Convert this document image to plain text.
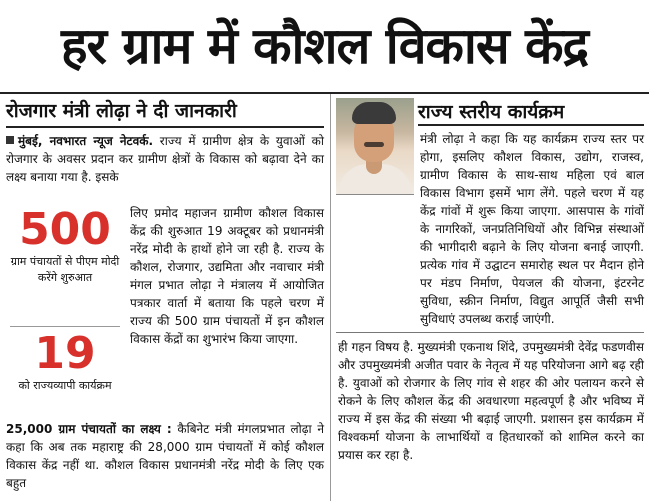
हर ग्राम में कौशल विकास केंद्र
रोजगार मंत्री लोढ़ा ने दी जानकारी
मुंबई, नवभारत न्यूज नेटवर्क. राज्य में ग्रामीण क्षेत्र के युवाओं को रोजगार के अवसर प्रदान कर ग्रामीण क्षेत्रों के विकास को बढ़ावा देने का लक्ष्य बनाया गया है. इसके
500
ग्राम पंचायतों से पीएम मोदी करेंगे शुरुआत
19
को राज्यव्यापी कार्यक्रम
लिए प्रमोद महाजन ग्रामीण कौशल विकास केंद्र की शुरुआत 19 अक्टूबर को प्रधानमंत्री नरेंद्र मोदी के हाथों होने जा रही है. राज्य के कौशल, रोजगार, उद्यमिता और नवाचार मंत्री मंगल प्रभात लोढ़ा ने मंत्रालय में आयोजित पत्रकार वार्ता में बताया कि पहले चरण में राज्य की 500 ग्राम पंचायतों में इन कौशल विकास केंद्रों का शुभारंभ किया जाएगा.
25,000 ग्राम पंचायतों का लक्ष्य : कैबिनेट मंत्री मंगलप्रभात लोढ़ा ने कहा कि अब तक महाराष्ट्र की 28,000 ग्राम पंचायतों में कोई कौशल विकास केंद्र नहीं था. कौशल विकास प्रधानमंत्री नरेंद्र मोदी के लिए एक बहुत
राज्य स्तरीय कार्यक्रम
मंत्री लोढ़ा ने कहा कि यह कार्यक्रम राज्य स्तर पर होगा, इसलिए कौशल विकास, उद्योग, राजस्व, ग्रामीण विकास के साथ-साथ महिला एवं बाल विकास विभाग इसमें भाग लेंगे. पहले चरण में यह केंद्र गांवों में शुरू किया जाएगा. आसपास के गांवों के नागरिकों, जनप्रतिनिधियों और विभिन्न संस्थाओं की भागीदारी बढ़ाने के लिए योजना बनाई जाएगी. प्रत्येक गांव में उद्घाटन समारोह स्थल पर मैदान होने पर मंडप निर्माण, पेयजल की योजना, इंटरनेट सुविधा, स्क्रीन निर्माण, विद्युत आपूर्ति जैसी सभी सुविधाएं उपलब्ध कराई जाएंगी.
ही गहन विषय है. मुख्यमंत्री एकनाथ शिंदे, उपमुख्यमंत्री देवेंद्र फडणवीस और उपमुख्यमंत्री अजीत पवार के नेतृत्व में यह परियोजना आगे बढ़ रही है. युवाओं को रोजगार के लिए गांव से शहर की ओर पलायन करने से रोकने के लिए कौशल केंद्र की अवधारणा महत्वपूर्ण है और भविष्य में राज्य में इस केंद्र की संख्या भी बढ़ाई जाएगी. प्रशासन इस कार्यक्रम में विश्वकर्मा योजना के लाभार्थियों व हितधारकों को शामिल करने का प्रयास कर रहा है.
